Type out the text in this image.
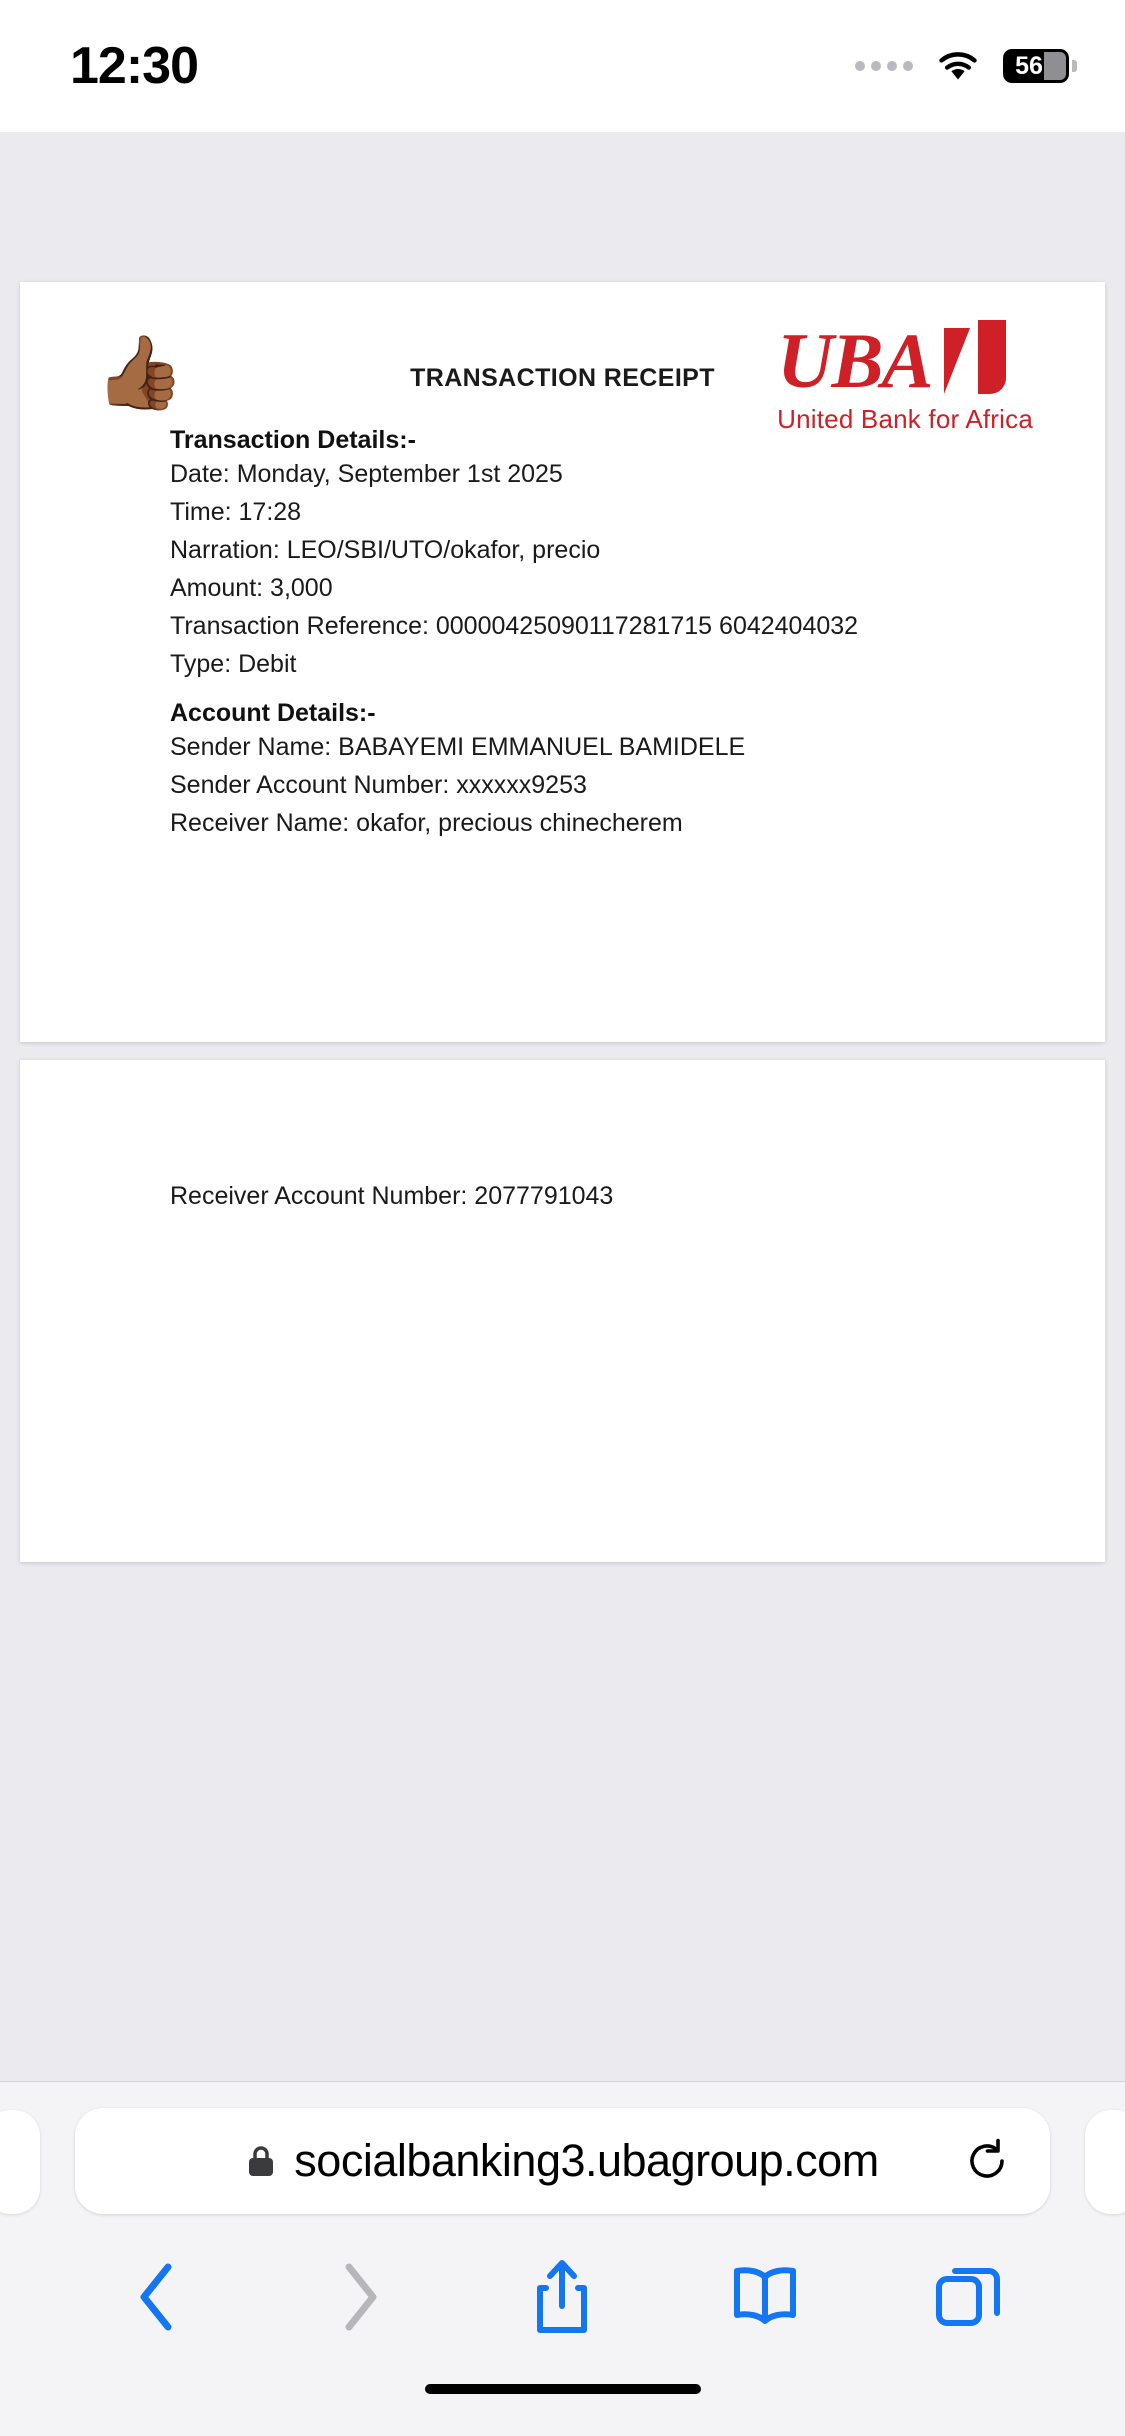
12:30	56
👍🏾	TRANSACTION RECEIPT UBA
United Bank for Africa
Transaction Details:-
Date: Monday, September 1st 2025
Time: 17:28
Narration: LEO/SBI/UTO/okafor, precio
Amount: 3,000
Transaction Reference: 00000425090117281715 6042404032
Type: Debit
Account Details:-
Sender Name: BABAYEMI EMMANUEL BAMIDELE
Sender Account Number: xxxxxx9253
Receiver Name: okafor, precious chinecherem
Receiver Account Number: 2077791043
socialbanking3.ubagroup.com
